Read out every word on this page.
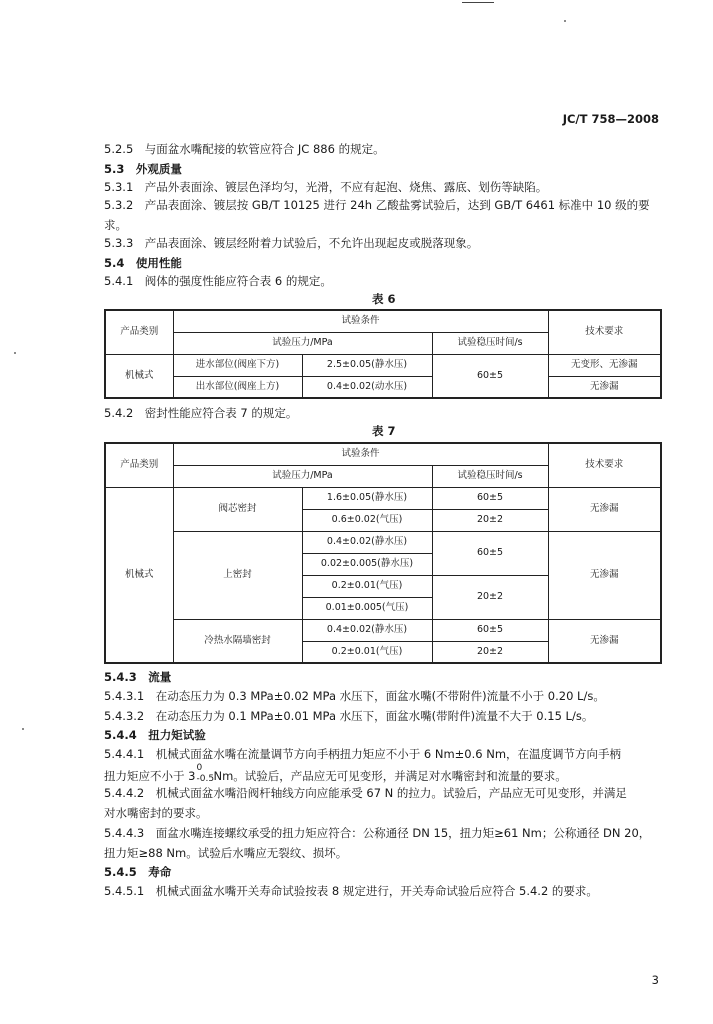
JC/T 758—2008
5.2.5　与面盆水嘴配接的软管应符合 JC 886 的规定。
5.3　外观质量
5.3.1　产品外表面涂、镀层色泽均匀，光滑，不应有起泡、烧焦、露底、划伤等缺陷。
5.3.2　产品表面涂、镀层按 GB/T 10125 进行 24h 乙酸盐雾试验后，达到 GB/T 6461 标准中 10 级的要
求。
5.3.3　产品表面涂、镀层经附着力试验后，不允许出现起皮或脱落现象。
5.4　使用性能
5.4.1　阀体的强度性能应符合表 6 的规定。
表 6
产品类别	试验条件			技术要求
	试验压力/MPa		试验稳压时间/s	
机械式	进水部位(阀座下方)	2.5±0.05(静水压)	60±5	无变形、无渗漏
	出水部位(阀座上方)	0.4±0.02(动水压)		无渗漏
5.4.2　密封性能应符合表 7 的规定。
表 7
产品类别	试验条件			技术要求
	试验压力/MPa		试验稳压时间/s	
机械式	阀芯密封	1.6±0.05(静水压)	60±5	无渗漏
		0.6±0.02(气压)	20±2	
	上密封	0.4±0.02(静水压)	60±5	无渗漏
		0.02±0.005(静水压)		
		0.2±0.01(气压)	20±2	
		0.01±0.005(气压)		
	冷热水隔墙密封	0.4±0.02(静水压)	60±5	无渗漏
		0.2±0.01(气压)	20±2	
5.4.3　流量
5.4.3.1　在动态压力为 0.3 MPa±0.02 MPa 水压下，面盆水嘴(不带附件)流量不小于 0.20 L/s。
5.4.3.2　在动态压力为 0.1 MPa±0.01 MPa 水压下，面盆水嘴(带附件)流量不大于 0.15 L/s。
5.4.4　扭力矩试验
5.4.4.1　机械式面盆水嘴在流量调节方向手柄扭力矩应不小于 6 Nm±0.6 Nm，在温度调节方向手柄
扭力矩应不小于 3
0
-0.5 Nm。试验后，产品应无可见变形，并满足对水嘴密封和流量的要求。
5.4.4.2　机械式面盆水嘴沿阀杆轴线方向应能承受 67 N 的拉力。试验后，产品应无可见变形，并满足
对水嘴密封的要求。
5.4.4.3　面盆水嘴连接螺纹承受的扭力矩应符合：公称通径 DN 15，扭力矩≥61 Nm；公称通径 DN 20，
扭力矩≥88 Nm。试验后水嘴应无裂纹、损坏。
5.4.5　寿命
5.4.5.1　机械式面盆水嘴开关寿命试验按表 8 规定进行，开关寿命试验后应符合 5.4.2 的要求。
3
